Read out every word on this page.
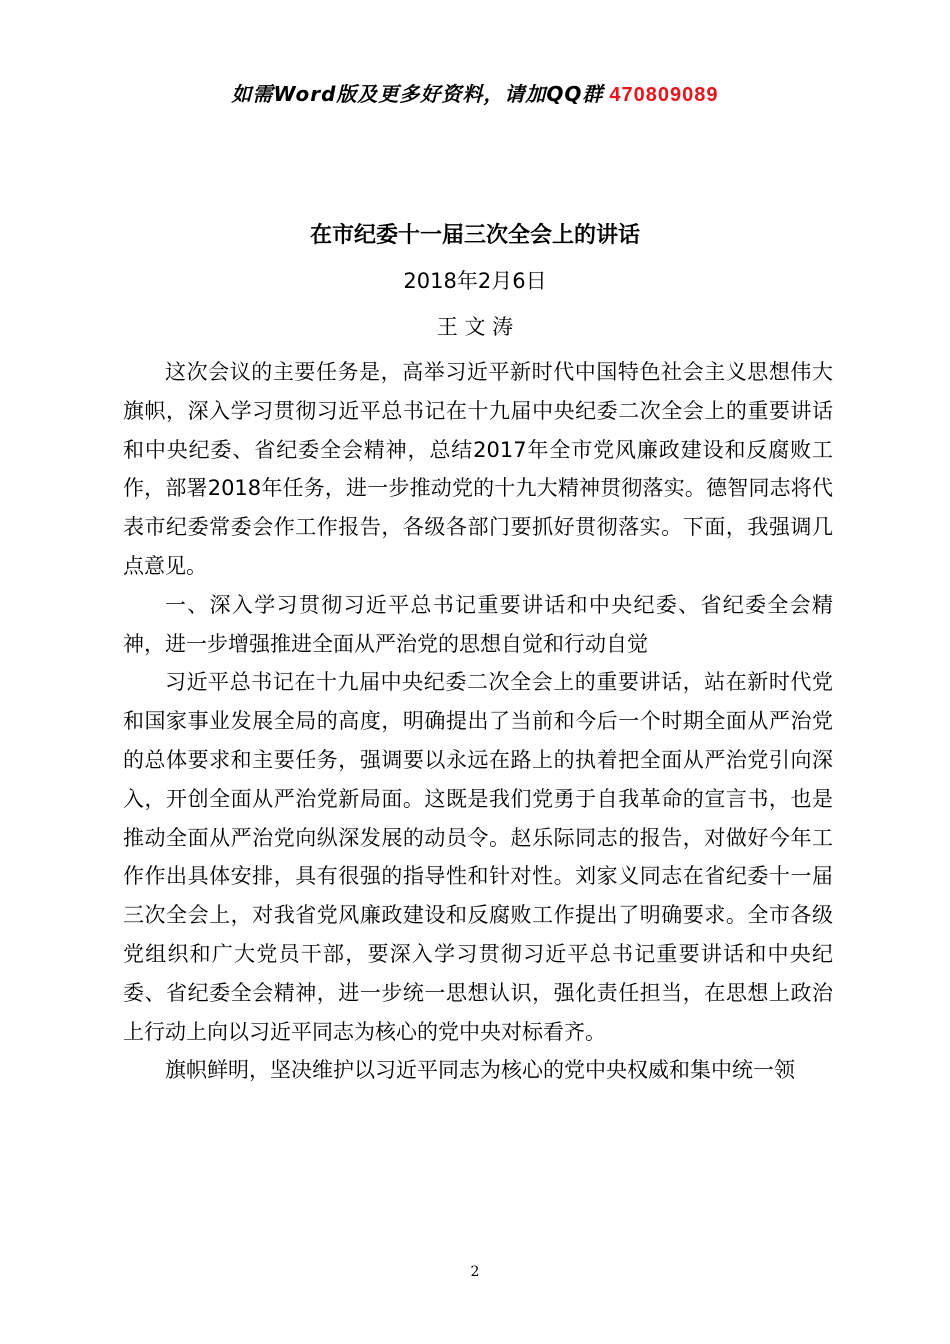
如需Word版及更多好资料，请加QQ群 470809089
在市纪委十一届三次全会上的讲话
2018年2月6日
王 文 涛

这次会议的主要任务是，高举习近平新时代中国特色社会主义思想伟大旗帜，深入学习贯彻习近平总书记在十九届中央纪委二次全会上的重要讲话和中央纪委、省纪委全会精神，总结2017年全市党风廉政建设和反腐败工作，部署2018年任务，进一步推动党的十九大精神贯彻落实。德智同志将代表市纪委常委会作工作报告，各级各部门要抓好贯彻落实。下面，我强调几点意见。

一、深入学习贯彻习近平总书记重要讲话和中央纪委、省纪委全会精神，进一步增强推进全面从严治党的思想自觉和行动自觉

习近平总书记在十九届中央纪委二次全会上的重要讲话，站在新时代党和国家事业发展全局的高度，明确提出了当前和今后一个时期全面从严治党的总体要求和主要任务，强调要以永远在路上的执着把全面从严治党引向深入，开创全面从严治党新局面。这既是我们党勇于自我革命的宣言书，也是推动全面从严治党向纵深发展的动员令。赵乐际同志的报告，对做好今年工作作出具体安排，具有很强的指导性和针对性。刘家义同志在省纪委十一届三次全会上，对我省党风廉政建设和反腐败工作提出了明确要求。全市各级党组织和广大党员干部，要深入学习贯彻习近平总书记重要讲话和中央纪委、省纪委全会精神，进一步统一思想认识，强化责任担当，在思想上政治上行动上向以习近平同志为核心的党中央对标看齐。

旗帜鲜明，坚决维护以习近平同志为核心的党中央权威和集中统一领

2
